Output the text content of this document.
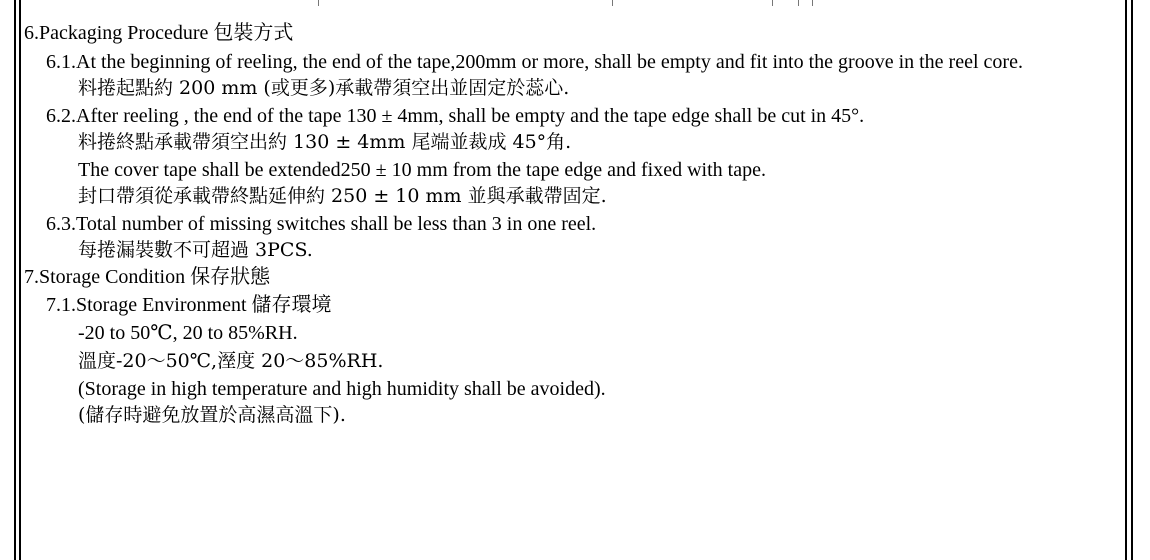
6.Packaging Procedure 包裝方式
6.1.At the beginning of reeling, the end of the tape,200mm or more, shall be empty and fit into the groove in the reel core.
料捲起點約 200 mm (或更多)承載帶須空出並固定於蕊心.
6.2.After reeling , the end of the tape 130 ± 4mm, shall be empty and the tape edge shall be cut in 45°.
料捲終點承載帶須空出約 130 ± 4mm 尾端並裁成 45°角.
The cover tape shall be extended250 ± 10 mm from the tape edge and fixed with tape.
封口帶須從承載帶終點延伸約 250 ± 10 mm 並與承載帶固定.
6.3.Total number of missing switches shall be less than 3 in one reel.
每捲漏裝數不可超過 3PCS.
7.Storage Condition 保存狀態
7.1.Storage Environment 儲存環境
-20 to 50℃, 20 to 85%RH.
溫度-20～50℃,溼度 20～85%RH.
(Storage in high temperature and high humidity shall be avoided).
(儲存時避免放置於高濕高溫下).
